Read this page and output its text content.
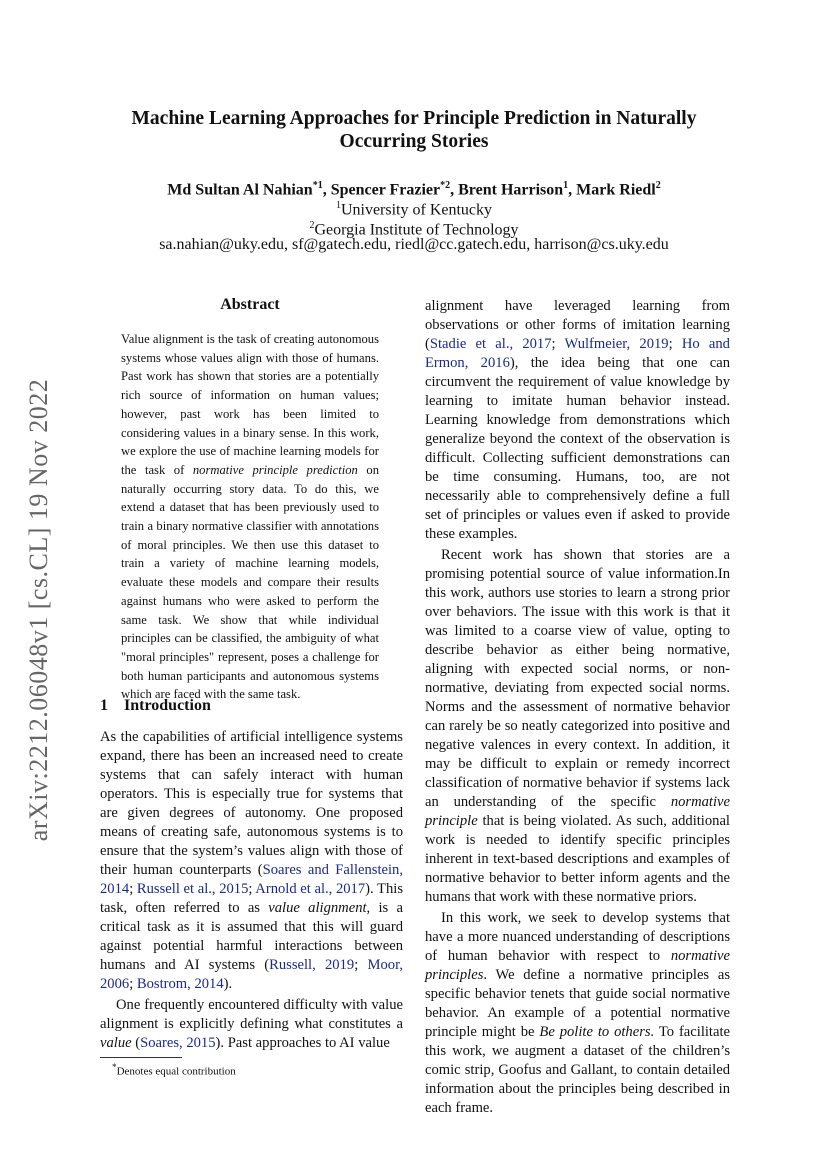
arXiv:2212.06048v1 [cs.CL] 19 Nov 2022
Machine Learning Approaches for Principle Prediction in Naturally
Occurring Stories
Md Sultan Al Nahian$^{*1}$, Spencer Frazier$^{*2}$, Brent Harrison$^1$, Mark Riedl$^2$
$^1$University of Kentucky
$^2$Georgia Institute of Technology
sa.nahian@uky.edu, sf@gatech.edu, riedl@cc.gatech.edu, harrison@cs.uky.edu
Abstract
Value alignment is the task of creating autonomous systems whose values align with those of humans. Past work has shown that stories are a potentially rich source of information on human values; however, past work has been limited to considering values in a binary sense. In this work, we explore the use of machine learning models for the task of normative principle prediction on naturally occurring story data. To do this, we extend a dataset that has been previously used to train a binary normative classifier with annotations of moral principles. We then use this dataset to train a variety of machine learning models, evaluate these models and compare their results against humans who were asked to perform the same task. We show that while individual principles can be classified, the ambiguity of what "moral principles" represent, poses a challenge for both human participants and autonomous systems which are faced with the same task.
1 Introduction

As the capabilities of artificial intelligence systems expand, there has been an increased need to create systems that can safely interact with human operators. This is especially true for systems that are given degrees of autonomy. One proposed means of creating safe, autonomous systems is to ensure that the system’s values align with those of their human counterparts (Soares and Fallenstein, 2014; Russell et al., 2015; Arnold et al., 2017). This task, often referred to as value alignment, is a critical task as it is assumed that this will guard against potential harmful interactions between humans and AI systems (Russell, 2019; Moor, 2006; Bostrom, 2014).

One frequently encountered difficulty with value alignment is explicitly defining what constitutes a value (Soares, 2015). Past approaches to AI value

alignment have leveraged learning from observations or other forms of imitation learning (Stadie et al., 2017; Wulfmeier, 2019; Ho and Ermon, 2016), the idea being that one can circumvent the requirement of value knowledge by learning to imitate human behavior instead. Learning knowledge from demonstrations which generalize beyond the context of the observation is difficult. Collecting sufficient demonstrations can be time consuming. Humans, too, are not necessarily able to comprehensively define a full set of principles or values even if asked to provide these examples.

Recent work has shown that stories are a promising potential source of value information.In this work, authors use stories to learn a strong prior over behaviors. The issue with this work is that it was limited to a coarse view of value, opting to describe behavior as either being normative, aligning with expected social norms, or non-normative, deviating from expected social norms. Norms and the assessment of normative behavior can rarely be so neatly categorized into positive and negative valences in every context. In addition, it may be difficult to explain or remedy incorrect classification of normative behavior if systems lack an understanding of the specific normative principle that is being violated. As such, additional work is needed to identify specific principles inherent in text-based descriptions and examples of normative behavior to better inform agents and the humans that work with these normative priors.

In this work, we seek to develop systems that have a more nuanced understanding of descriptions of human behavior with respect to normative principles. We define a normative principles as specific behavior tenets that guide social normative behavior. An example of a potential normative principle might be Be polite to others. To facilitate this work, we augment a dataset of the children’s comic strip, Goofus and Gallant, to contain detailed information about the principles being described in each frame.

*Denotes equal contribution
